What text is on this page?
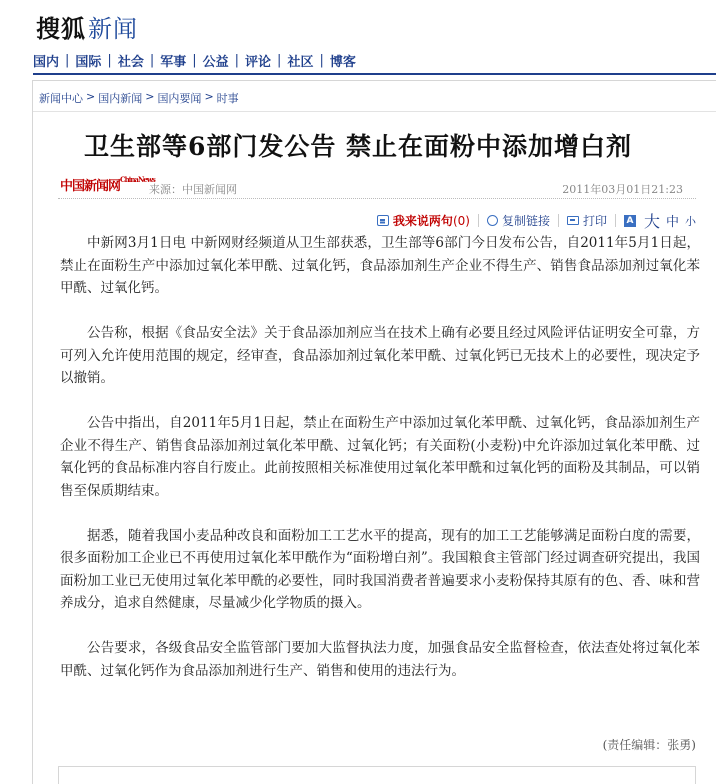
搜狐 新闻
国内 | 国际 | 社会 | 军事 | 公益 | 评论 | 社区 | 博客
新闻中心 > 国内新闻 > 国内要闻 > 时事
卫生部等6部门发公告 禁止在面粉中添加增白剂
中国新闻网$^{ChinaNews}$
来源：中国新闻网	2011年03月01日21:23
我来说两句 (0)	复制链接	打印 A 大 中 小

中新网3月1日电 中新网财经频道从卫生部获悉，卫生部等6部门今日发布公告，自2011年5月1日起，禁止在面粉生产中添加过氧化苯甲酰、过氧化钙，食品添加剂生产企业不得生产、销售食品添加剂过氧化苯甲酰、过氧化钙。

公告称，根据《食品安全法》关于食品添加剂应当在技术上确有必要且经过风险评估证明安全可靠，方可列入允许使用范围的规定，经审查，食品添加剂过氧化苯甲酰、过氧化钙已无技术上的必要性，现决定予以撤销。

公告中指出，自2011年5月1日起，禁止在面粉生产中添加过氧化苯甲酰、过氧化钙，食品添加剂生产企业不得生产、销售食品添加剂过氧化苯甲酰、过氧化钙；有关面粉(小麦粉)中允许添加过氧化苯甲酰、过氧化钙的食品标准内容自行废止。此前按照相关标准使用过氧化苯甲酰和过氧化钙的面粉及其制品，可以销售至保质期结束。

据悉，随着我国小麦品种改良和面粉加工工艺水平的提高，现有的加工工艺能够满足面粉白度的需要，很多面粉加工企业已不再使用过氧化苯甲酰作为“面粉增白剂”。我国粮食主管部门经过调查研究提出，我国面粉加工业已无使用过氧化苯甲酰的必要性，同时我国消费者普遍要求小麦粉保持其原有的色、香、味和营养成分，追求自然健康，尽量减少化学物质的摄入。

公告要求，各级食品安全监管部门要加大监督执法力度，加强食品安全监督检查，依法查处将过氧化苯甲酰、过氧化钙作为食品添加剂进行生产、销售和使用的违法行为。

(责任编辑：张勇)
